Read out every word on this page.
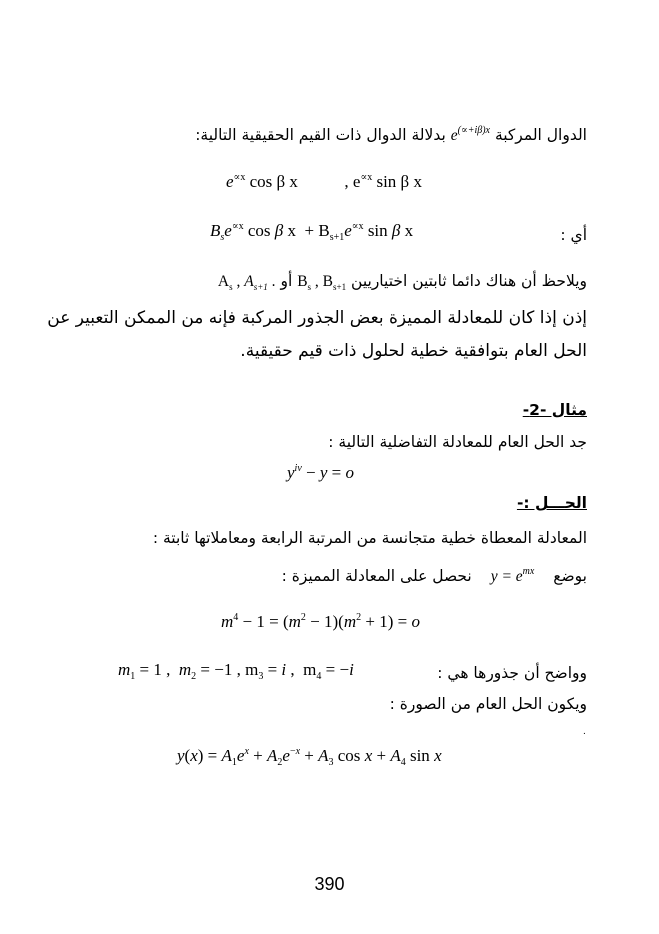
الدوال المركبة $e^{(\propto+i\beta)x}$ بدلالة الدوال ذات القيم الحقيقية التالية:
$e^{\propto x}$ cos β x	, $e^{\propto x}$ sin β x
أي :
$B_se^{\propto x}$ cos β $x + B_{s+1}e^{\propto x}$ sin β x
ويلاحظ أن هناك دائما ثابتين اختياريين $B_s$ , $B_{s+1}$ أو $A_s$ , $A_{s+1}$ .
إذن إذا كان للمعادلة المميزة بعض الجذور المركبة فإنه من الممكن التعبير عن
الحل العام بتوافقية خطية لحلول ذات قيم حقيقية.
مثال -2-
جد الحل العام للمعادلة التفاضلية التالية :
$y^{iv} - y = o$
الحـــل :-
المعادلة المعطاة خطية متجانسة من المرتبة الرابعة ومعاملاتها ثابتة :
بوضع $y = e^{mx}$ نحصل على المعادلة المميزة :
$m^4 - 1 = (m^2 - 1)(m^2 + 1) = o$
وواضح أن جذورها هي :
$m_1 = 1$ ,  $m_2 = -1$ , $m_3 = i$ ,  $m_4 = -i$
ويكون الحل العام من الصورة :
.
$y(x) = A_1e^x + A_2e^{-x} + A_3$ $\cos x + A_4$ sin x
390
